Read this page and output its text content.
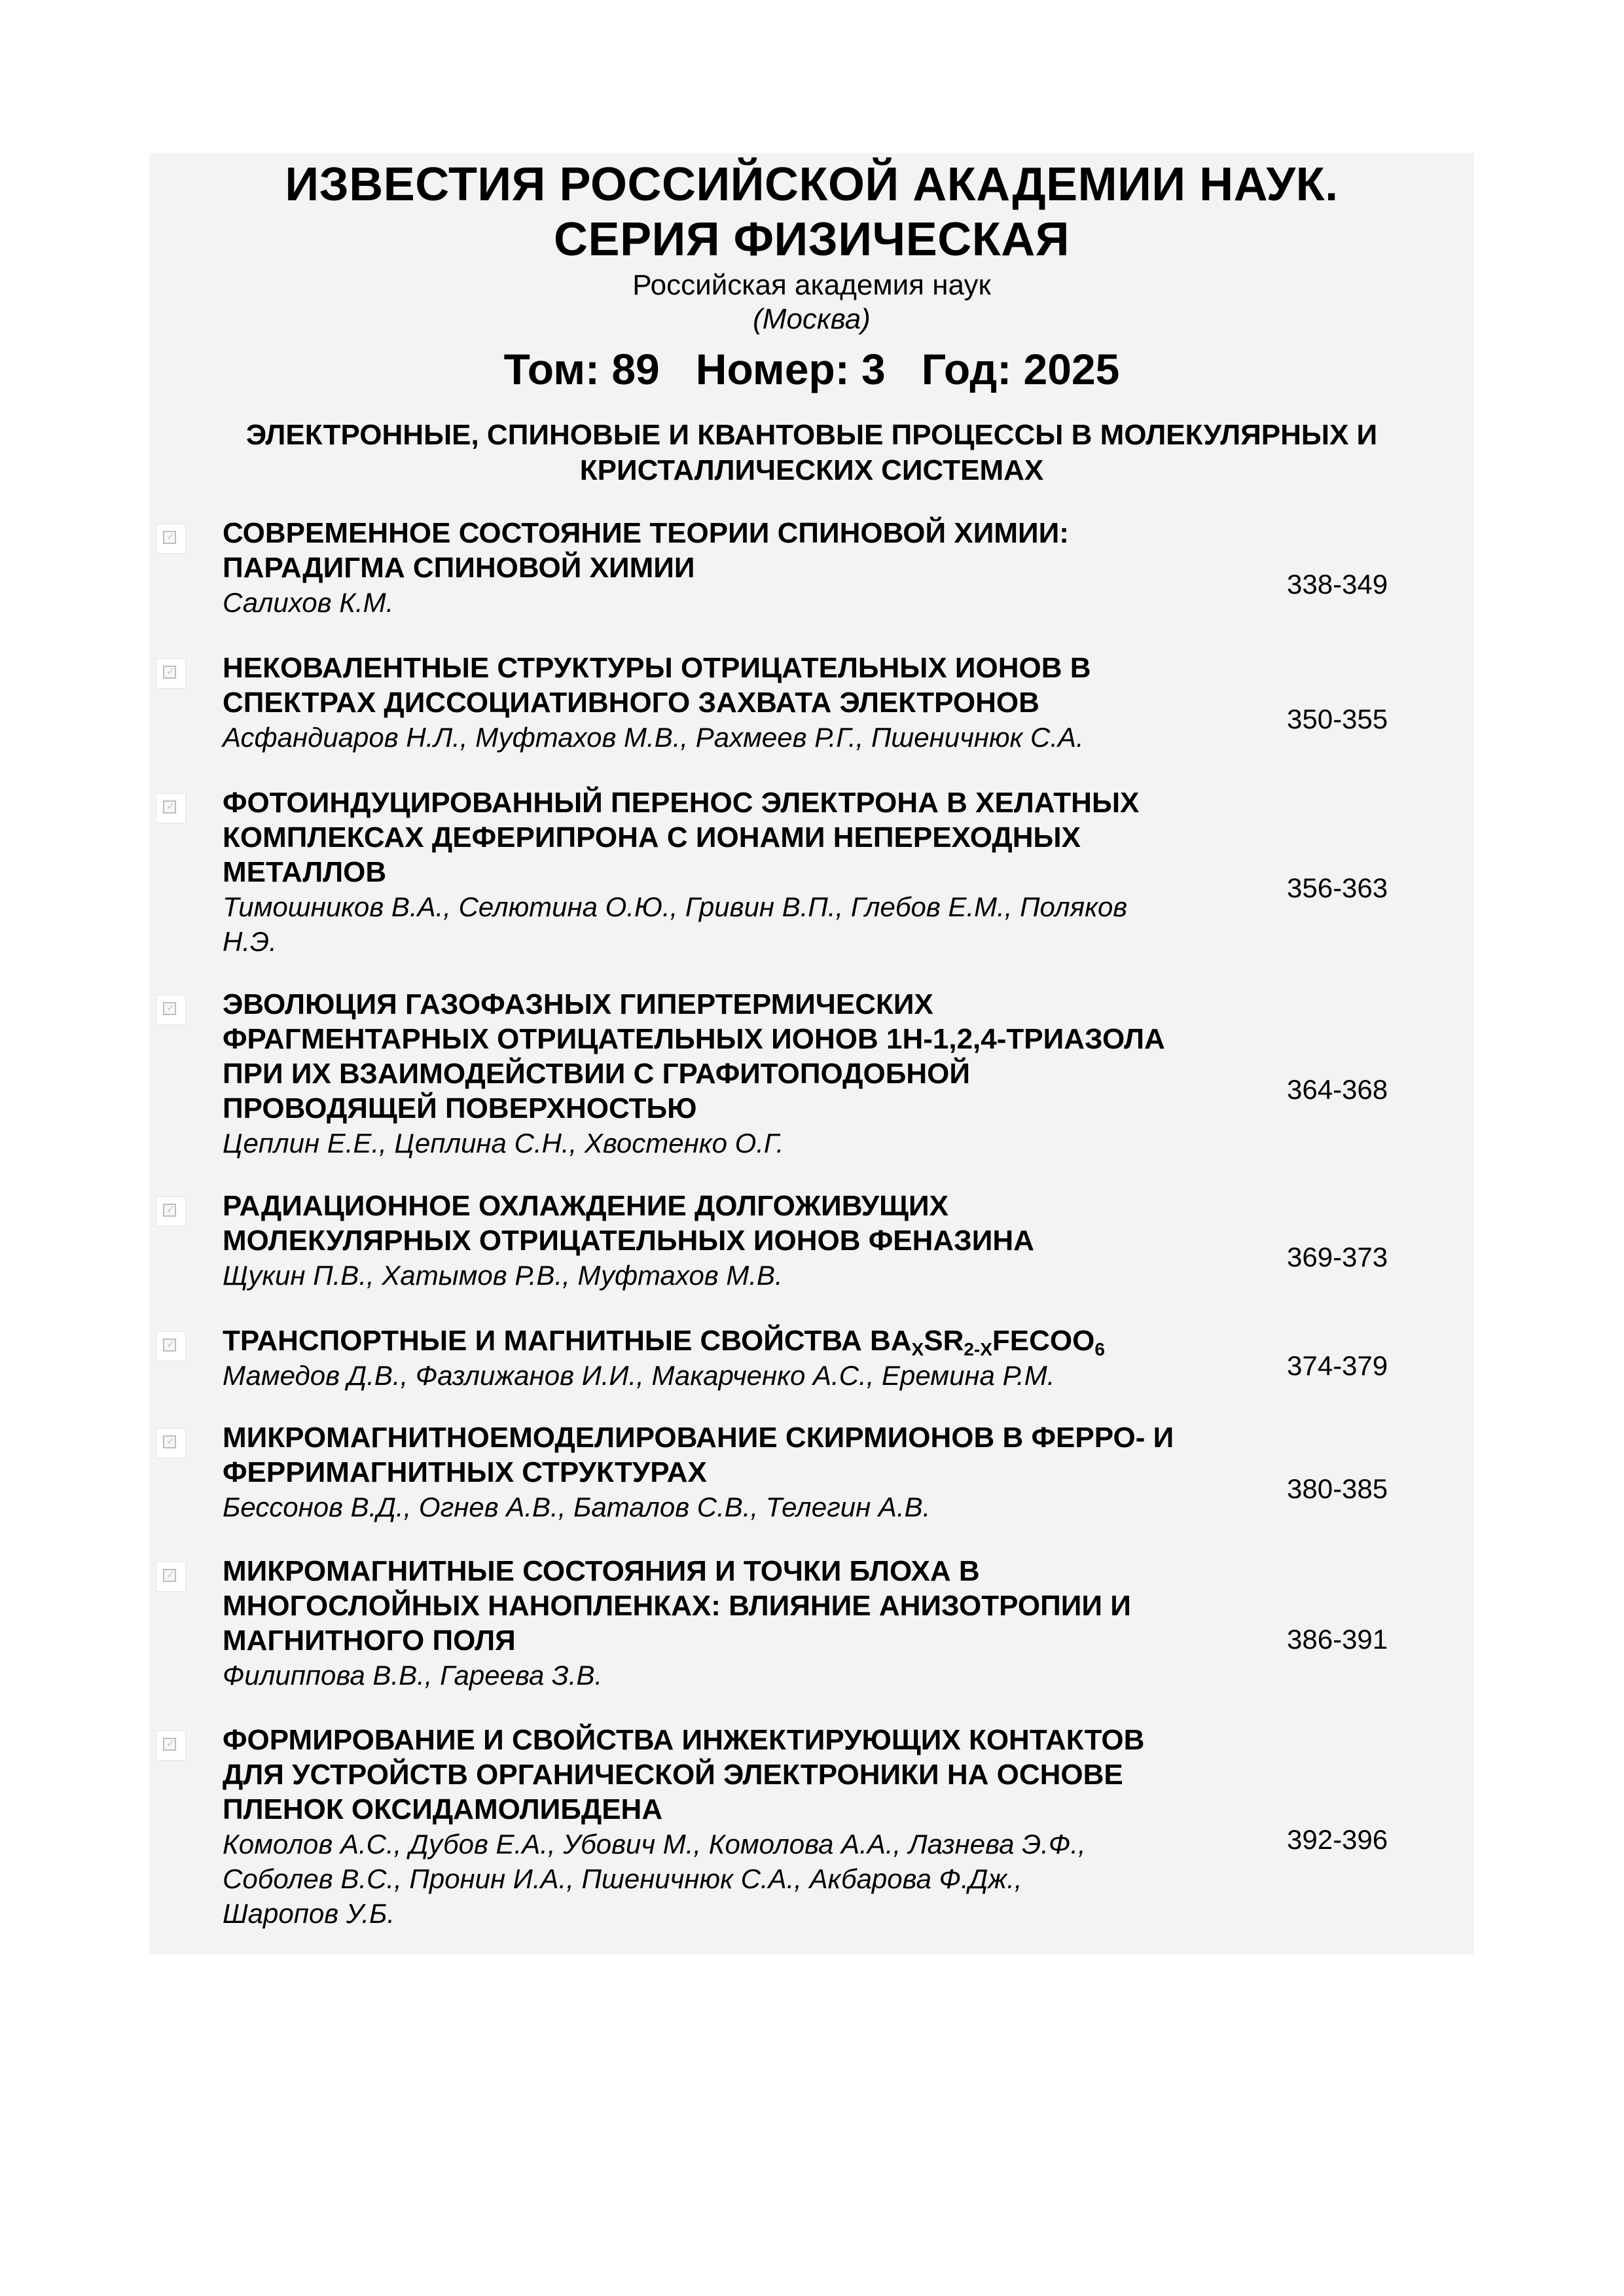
ИЗВЕСТИЯ РОССИЙСКОЙ АКАДЕМИИ НАУК.
СЕРИЯ ФИЗИЧЕСКАЯ
Российская академия наук
(Москва)
Том: 89   Номер: 3   Год: 2025
ЭЛЕКТРОННЫЕ, СПИНОВЫЕ И КВАНТОВЫЕ ПРОЦЕССЫ В МОЛЕКУЛЯРНЫХ И КРИСТАЛЛИЧЕСКИХ СИСТЕМАХ
✓ СОВРЕМЕННОЕ СОСТОЯНИЕ ТЕОРИИ СПИНОВОЙ ХИМИИ:
ПАРАДИГМА СПИНОВОЙ ХИМИИ
Салихов К.М.
338-349
✓ НЕКОВАЛЕНТНЫЕ СТРУКТУРЫ ОТРИЦАТЕЛЬНЫХ ИОНОВ В
СПЕКТРАХ ДИССОЦИАТИВНОГО ЗАХВАТА ЭЛЕКТРОНОВ
Асфандиаров Н.Л., Муфтахов М.В., Рахмеев Р.Г., Пшеничнюк С.А.
350-355
✓ ФОТОИНДУЦИРОВАННЫЙ ПЕРЕНОС ЭЛЕКТРОНА В ХЕЛАТНЫХ
КОМПЛЕКСАХ ДЕФЕРИПРОНА С ИОНАМИ НЕПЕРЕХОДНЫХ
МЕТАЛЛОВ
Тимошников В.А., Селютина О.Ю., Гривин В.П., Глебов Е.М., Поляков
Н.Э.
356-363
✓ ЭВОЛЮЦИЯ ГАЗОФАЗНЫХ ГИПЕРТЕРМИЧЕСКИХ
ФРАГМЕНТАРНЫХ ОТРИЦАТЕЛЬНЫХ ИОНОВ 1Н-1,2,4-ТРИАЗОЛА
ПРИ ИХ ВЗАИМОДЕЙСТВИИ С ГРАФИТОПОДОБНОЙ
ПРОВОДЯЩЕЙ ПОВЕРХНОСТЬЮ
Цеплин Е.Е., Цеплина С.Н., Хвостенко О.Г.
364-368
✓ РАДИАЦИОННОЕ ОХЛАЖДЕНИЕ ДОЛГОЖИВУЩИХ
МОЛЕКУЛЯРНЫХ ОТРИЦАТЕЛЬНЫХ ИОНОВ ФЕНАЗИНА
Щукин П.В., Хатымов Р.В., Муфтахов М.В.
369-373
✓ ТРАНСПОРТНЫЕ И МАГНИТНЫЕ СВОЙСТВА $BA_XSR_{2-X}FECOO_6$
Мамедов Д.В., Фазлижанов И.И., Макарченко А.С., Еремина Р.М.	374-379
✓ МИКРОМАГНИТНОЕМОДЕЛИРОВАНИЕ СКИРМИОНОВ В ФЕРРО- И
ФЕРРИМАГНИТНЫХ СТРУКТУРАХ
Бессонов В.Д., Огнев А.В., Баталов С.В., Телегин А.В.
380-385
✓ МИКРОМАГНИТНЫЕ СОСТОЯНИЯ И ТОЧКИ БЛОХА В
МНОГОСЛОЙНЫХ НАНОПЛЕНКАХ: ВЛИЯНИЕ АНИЗОТРОПИИ И
МАГНИТНОГО ПОЛЯ
Филиппова В.В., Гареева З.В.
386-391
✓ ФОРМИРОВАНИЕ И СВОЙСТВА ИНЖЕКТИРУЮЩИХ КОНТАКТОВ
ДЛЯ УСТРОЙСТВ ОРГАНИЧЕСКОЙ ЭЛЕКТРОНИКИ НА ОСНОВЕ
ПЛЕНОК ОКСИДАМОЛИБДЕНА
Комолов А.С., Дубов Е.А., Убович М., Комолова А.А., Лазнева Э.Ф.,
Соболев В.С., Пронин И.А., Пшеничнюк С.А., Акбарова Ф.Дж.,
Шаропов У.Б.
392-396
